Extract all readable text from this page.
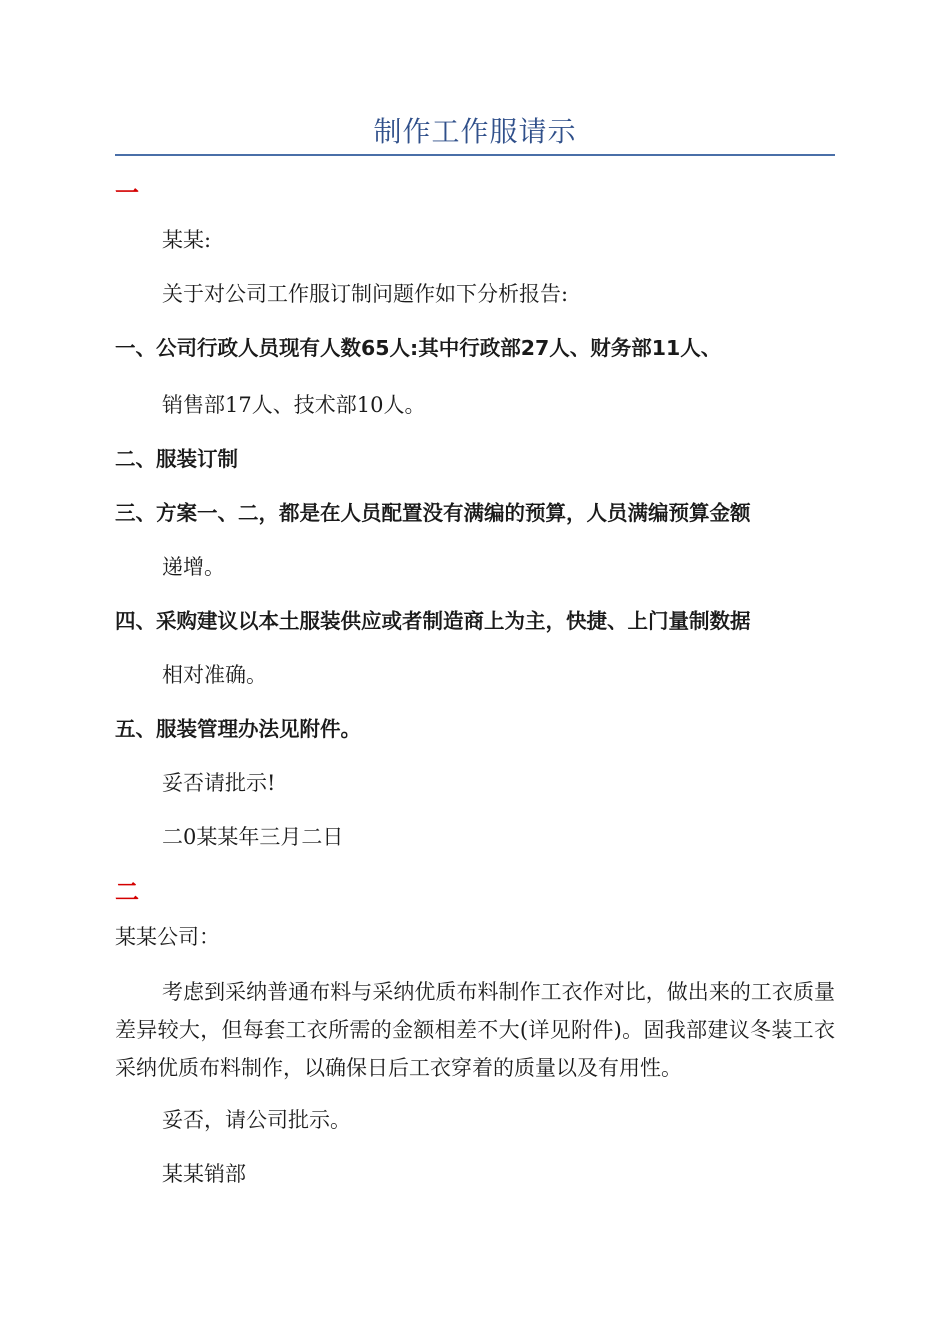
制作工作服请示
一
某某:
关于对公司工作服订制问题作如下分析报告:
一、公司行政人员现有人数65人:其中行政部27人、财务部11人、
销售部17人、技术部10人。
二、服装订制
三、方案一、二，都是在人员配置没有满编的预算，人员满编预算金额
递增。
四、采购建议以本土服装供应或者制造商上为主，快捷、上门量制数据
相对准确。
五、服装管理办法见附件。
妥否请批示!
二0某某年三月二日
二
某某公司：
考虑到采纳普通布料与采纳优质布料制作工衣作对比，做出来的工衣质量差异较大，但每套工衣所需的金额相差不大(详见附件)。固我部建议冬装工衣采纳优质布料制作，以确保日后工衣穿着的质量以及有用性。
妥否，请公司批示。
某某销部
